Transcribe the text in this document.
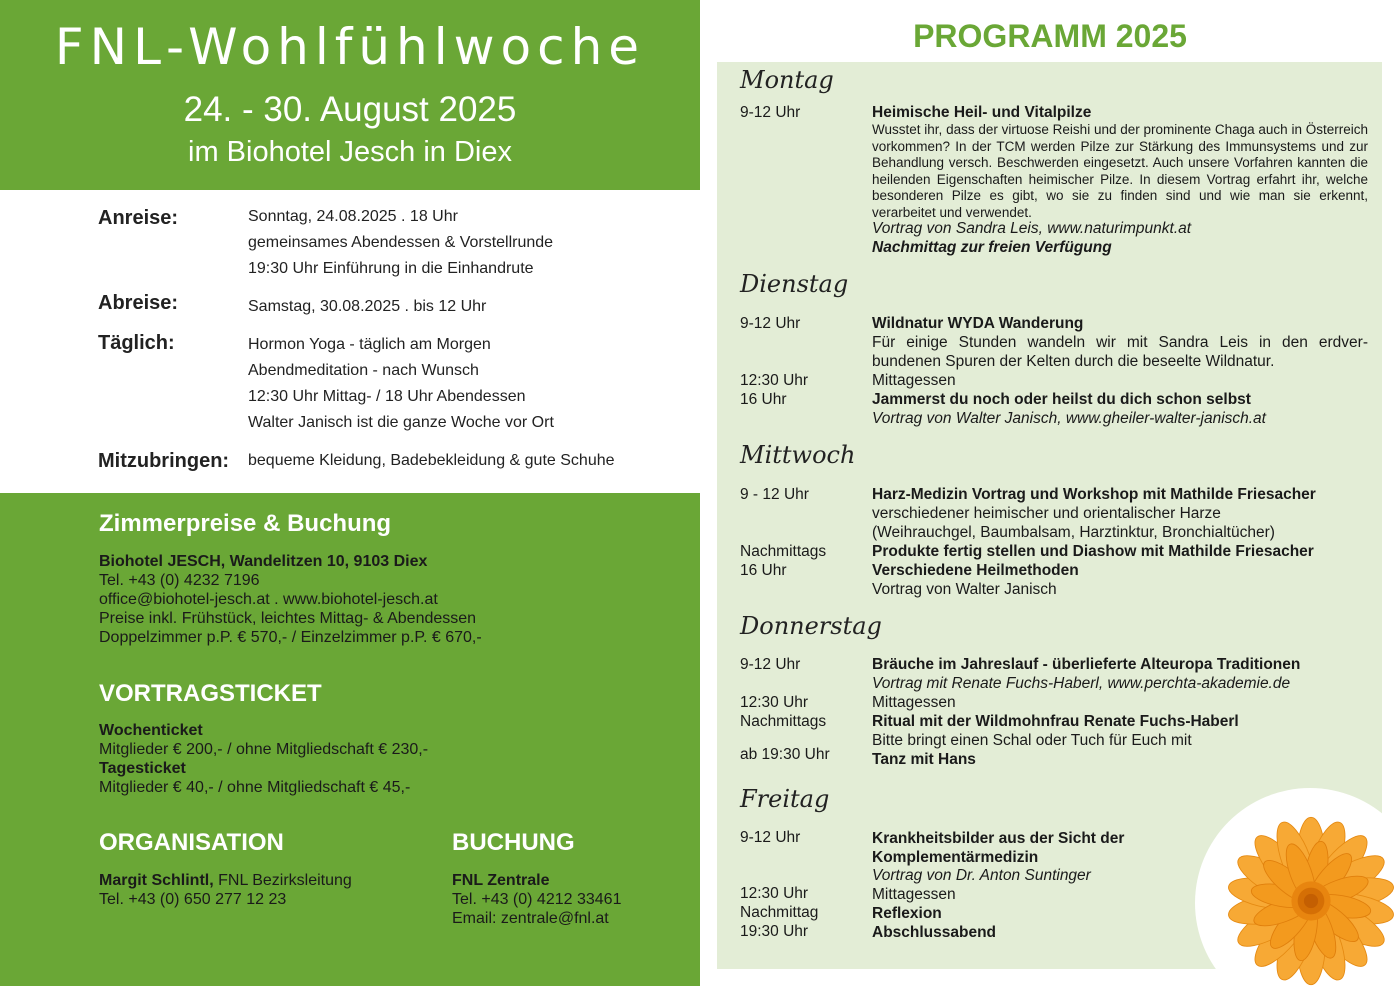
FNL-Wohlfühlwoche
24. - 30. August 2025
im Biohotel Jesch in Diex
Anreise:	Sonntag, 24.08.2025 . 18 Uhr
gemeinsames Abendessen & Vorstellrunde
19:30 Uhr Einführung in die Einhandrute
Abreise:	Samstag, 30.08.2025 . bis 12 Uhr
Täglich:	Hormon Yoga - täglich am Morgen
Abendmeditation - nach Wunsch
12:30 Uhr Mittag- / 18 Uhr Abendessen
Walter Janisch ist die ganze Woche vor Ort
Mitzubringen: bequeme Kleidung, Badebekleidung & gute Schuhe
Zimmerpreise & Buchung
Biohotel JESCH, Wandelitzen 10, 9103 Diex
Tel. +43 (0) 4232 7196
office@biohotel-jesch.at . www.biohotel-jesch.at
Preise inkl. Frühstück, leichtes Mittag- & Abendessen
Doppelzimmer p.P. € 570,- / Einzelzimmer p.P. € 670,-
VORTRAGSTICKET
Wochenticket
Mitglieder € 200,- / ohne Mitgliedschaft € 230,-
Tagesticket
Mitglieder € 40,- / ohne Mitgliedschaft € 45,-
ORGANISATION
Margit Schlintl, FNL Bezirksleitung
Tel. +43 (0) 650 277 12 23
BUCHUNG
FNL Zentrale
Tel. +43 (0) 4212 33461
Email: zentrale@fnl.at
PROGRAMM 2025
Montag
9-12 Uhr	Heimische Heil- und Vitalpilze
Wusstet ihr, dass der virtuose Reishi und der prominente Chaga auch in Österreich vorkommen? In der TCM werden Pilze zur Stärkung des Immunsystems und zur Behandlung versch. Beschwerden eingesetzt. Auch unsere Vorfahren kannten die heilenden Eigenschaften heimischer Pilze. In diesem Vortrag erfahrt ihr, welche besonderen Pilze es gibt, wo sie zu finden sind und wie man sie erkennt, verarbeitet und verwendet.
Vortrag von Sandra Leis, www.naturimpunkt.at
Nachmittag zur freien Verfügung
Dienstag
9-12 Uhr	Wildnatur WYDA Wanderung
Für einige Stunden wandeln wir mit Sandra Leis in den erdver-bundenen Spuren der Kelten durch die beseelte Wildnatur.
12:30 Uhr	Mittagessen
16 Uhr	Jammerst du noch oder heilst du dich schon selbst
Vortrag von Walter Janisch, www.gheiler-walter-janisch.at
Mittwoch
9 - 12 Uhr	Harz-Medizin Vortrag und Workshop mit Mathilde Friesacher
verschiedener heimischer und orientalischer Harze
(Weihrauchgel, Baumbalsam, Harztinktur, Bronchialtücher)
Nachmittags	Produkte fertig stellen und Diashow mit Mathilde Friesacher
16 Uhr	Verschiedene Heilmethoden
Vortrag von Walter Janisch
Donnerstag
9-12 Uhr	Bräuche im Jahreslauf - überlieferte Alteuropa Traditionen
Vortrag mit Renate Fuchs-Haberl, www.perchta-akademie.de
12:30 Uhr	Mittagessen
Nachmittags	Ritual mit der Wildmohnfrau Renate Fuchs-Haberl
Bitte bringt einen Schal oder Tuch für Euch mit
ab 19:30 Uhr	Tanz mit Hans
Freitag
9-12 Uhr	Krankheitsbilder aus der Sicht der
Komplementärmedizin
Vortrag von Dr. Anton Suntinger
12:30 Uhr	Mittagessen
Nachmittag	Reflexion
19:30 Uhr	Abschlussabend
